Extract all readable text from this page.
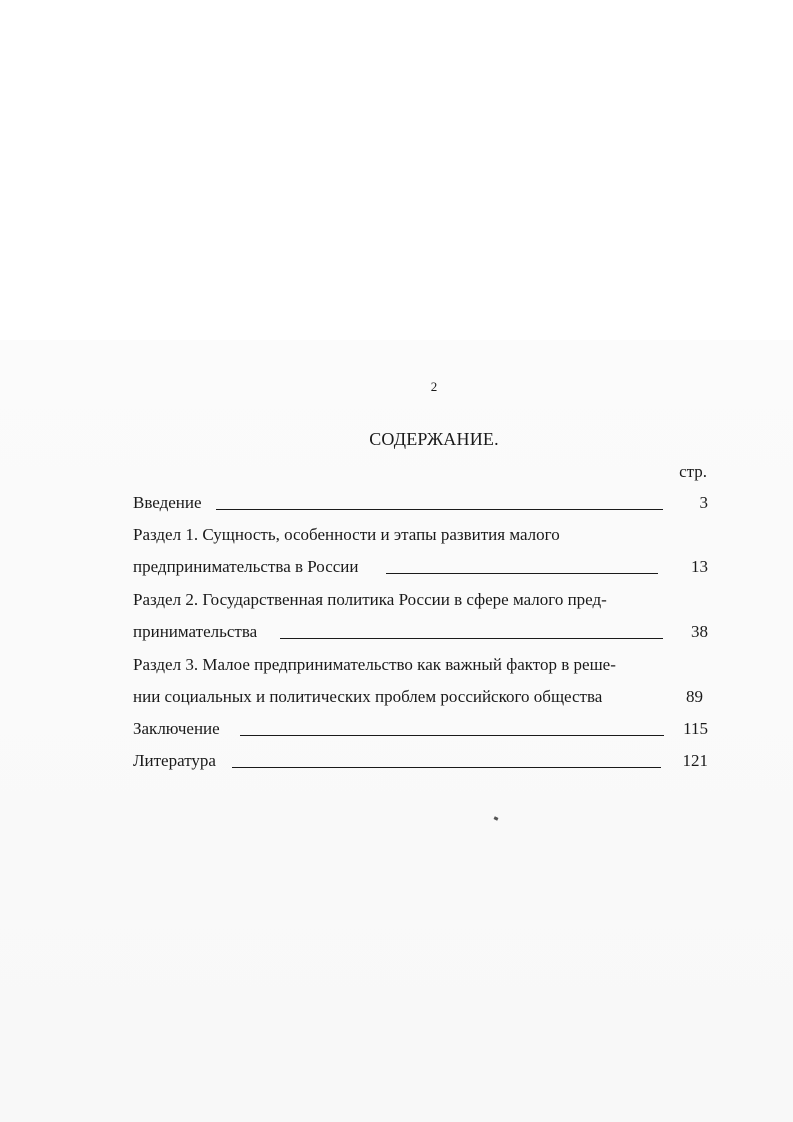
2
СОДЕРЖАНИЕ.
стр.
Введение	3
Раздел 1. Сущность, особенности и этапы развития малого
предпринимательства в России	13
Раздел 2. Государственная политика России в сфере малого пред-
принимательства	38
Раздел 3. Малое предпринимательство как важный фактор в реше-
нии социальных и политических проблем российского общества	89
Заключение	115
Литература	121
